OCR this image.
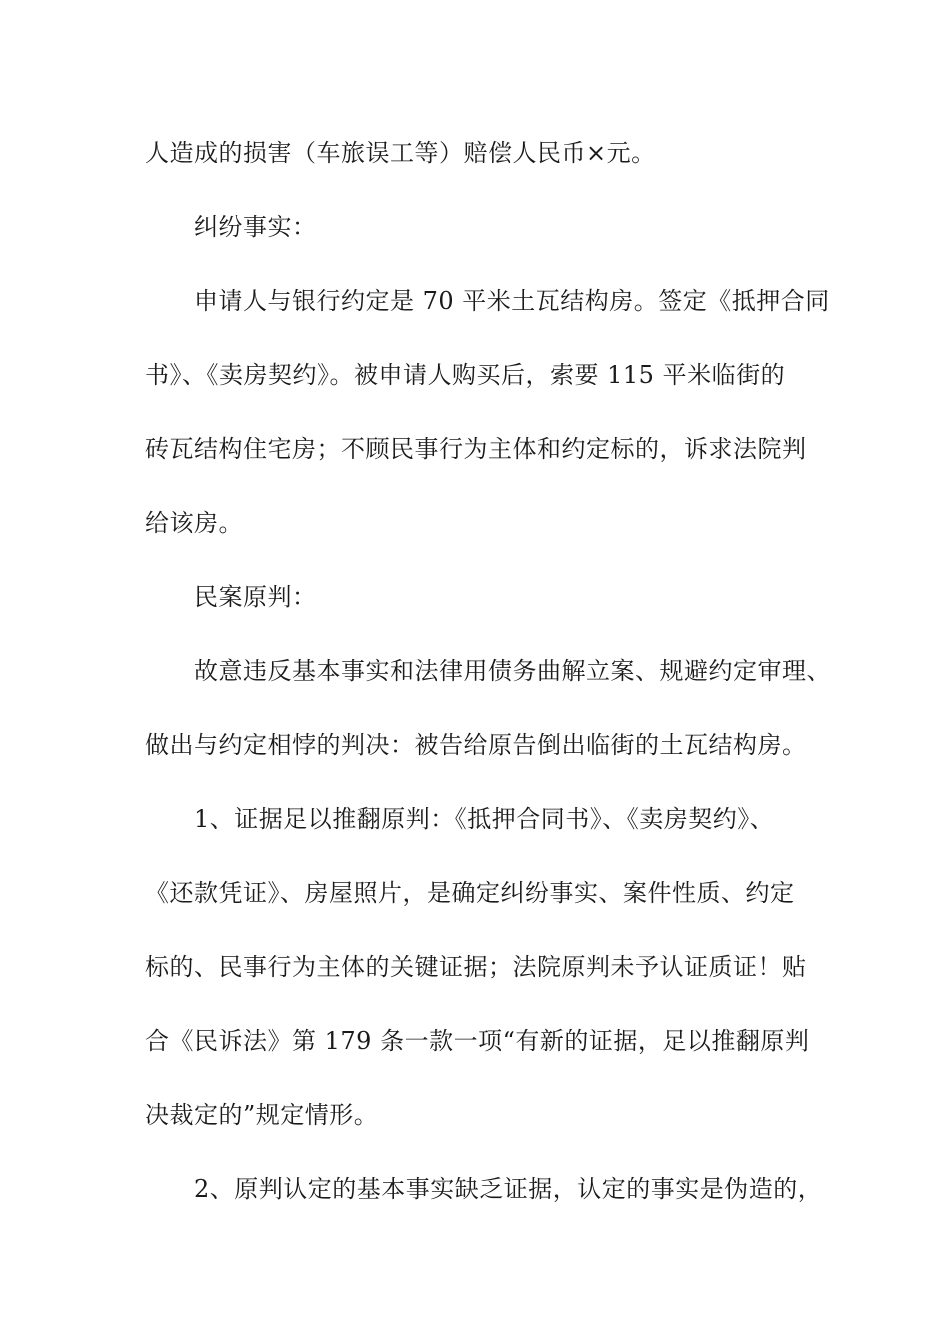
人造成的损害（车旅误工等）赔偿人民币×元。
纠纷事实：
申请人与银行约定是 70 平米土瓦结构房。签定《抵押合同
书》、《卖房契约》。被申请人购买后，索要 115 平米临街的
砖瓦结构住宅房；不顾民事行为主体和约定标的，诉求法院判
给该房。
民案原判：
故意违反基本事实和法律用债务曲解立案、规避约定审理、
做出与约定相悖的判决：被告给原告倒出临街的土瓦结构房。
1、证据足以推翻原判：《抵押合同书》、《卖房契约》、
《还款凭证》、房屋照片，是确定纠纷事实、案件性质、约定
标的、民事行为主体的关键证据；法院原判未予认证质证！贴
合《民诉法》第 179 条一款一项“有新的证据，足以推翻原判
决裁定的”规定情形。
2、原判认定的基本事实缺乏证据，认定的事实是伪造的，
